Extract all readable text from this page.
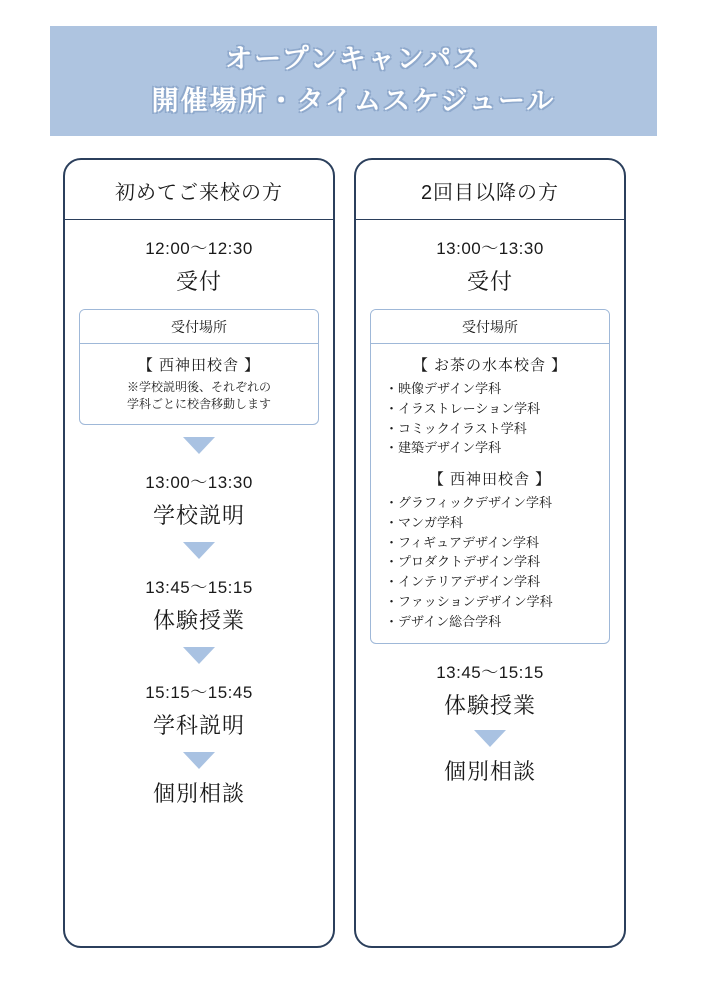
オープンキャンパス
開催場所・タイムスケジュール
初めてご来校の方
12:00〜12:30
受付
受付場所
【 西神田校舎 】
※学校説明後、それぞれの
学科ごとに校舎移動します
13:00〜13:30
学校説明
13:45〜15:15
体験授業
15:15〜15:45
学科説明
個別相談
2回目以降の方
13:00〜13:30
受付
受付場所
【 お茶の水本校舎 】
・映像デザイン学科
・イラストレーション学科
・コミックイラスト学科
・建築デザイン学科
【 西神田校舎 】
・グラフィックデザイン学科
・マンガ学科
・フィギュアデザイン学科
・プロダクトデザイン学科
・インテリアデザイン学科
・ファッションデザイン学科
・デザイン総合学科
13:45〜15:15
体験授業
個別相談
